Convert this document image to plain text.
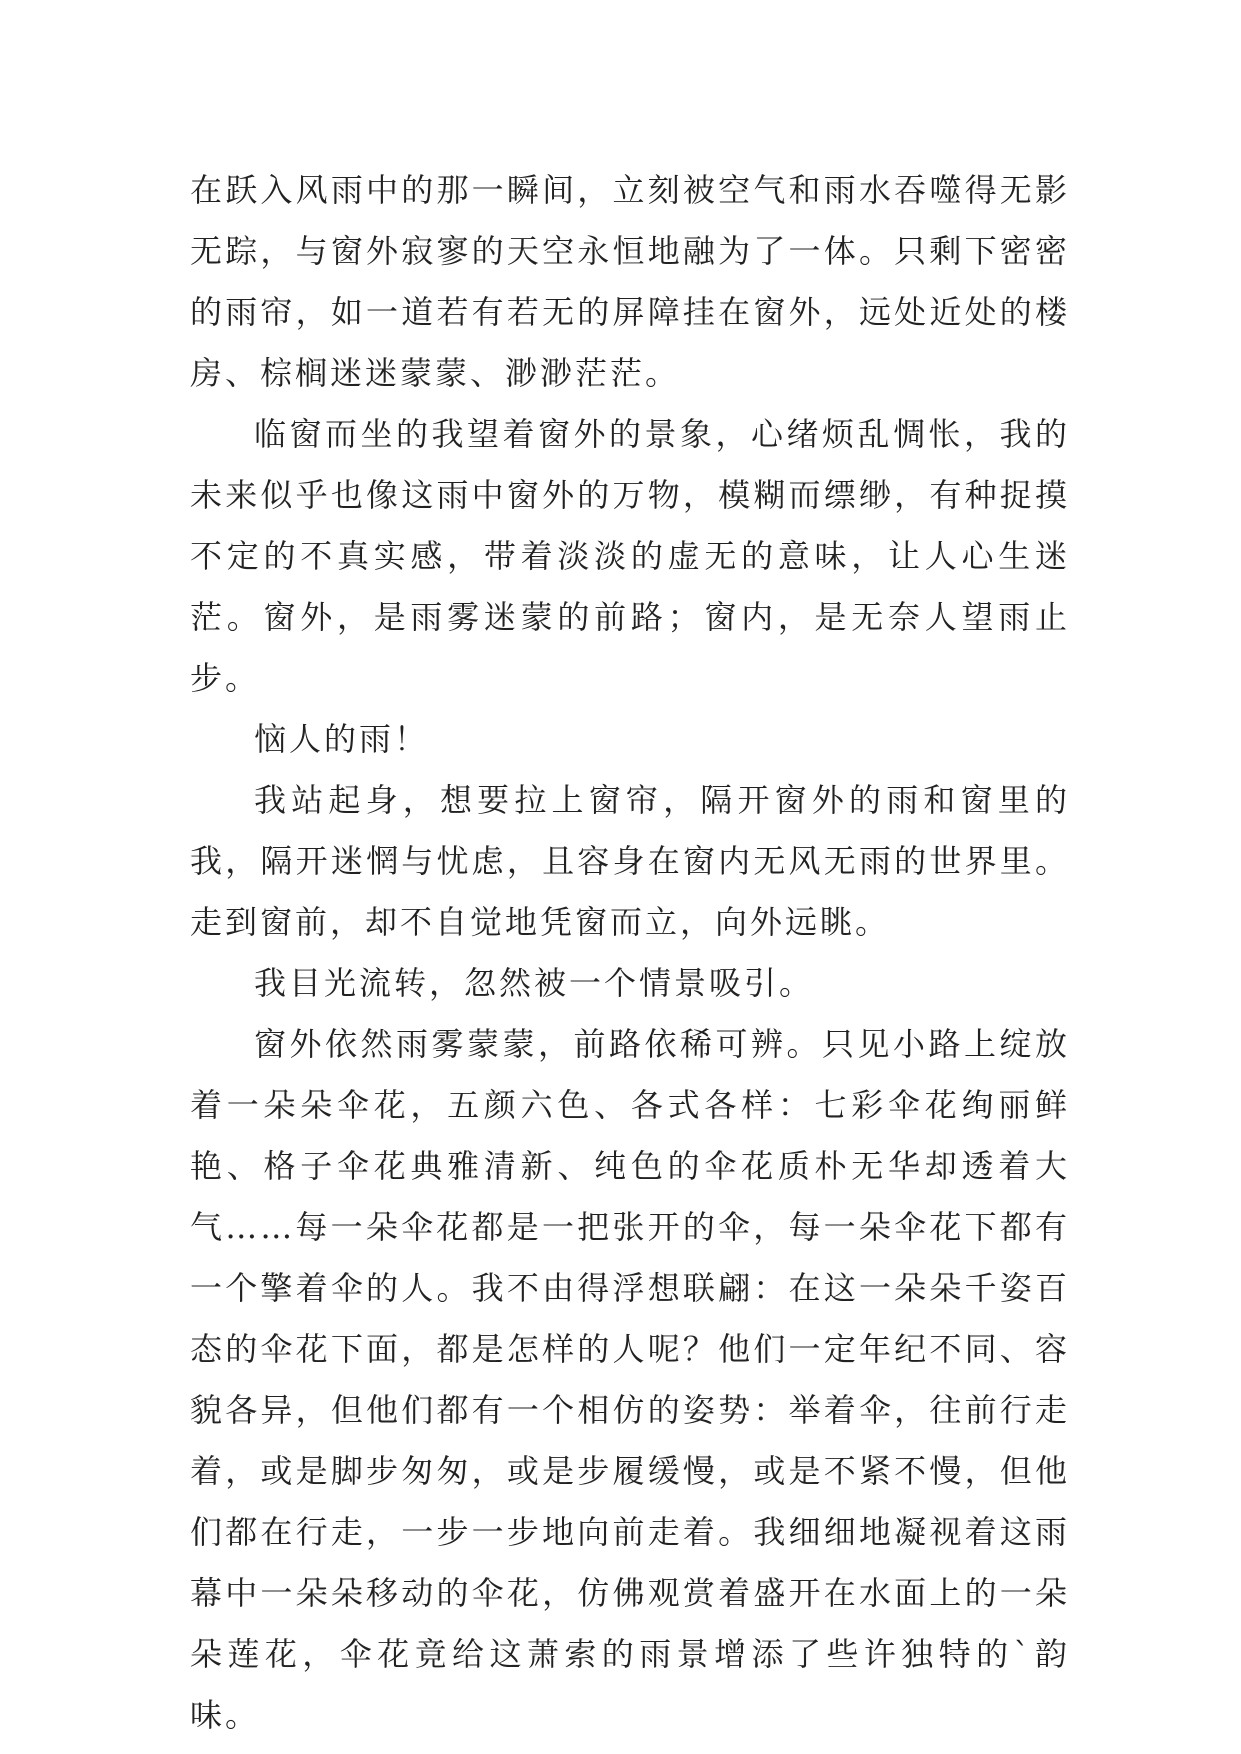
在跃入风雨中的那一瞬间，立刻被空气和雨水吞噬得无影无踪，与窗外寂寥的天空永恒地融为了一体。只剩下密密的雨帘，如一道若有若无的屏障挂在窗外，远处近处的楼房、棕榈迷迷蒙蒙、渺渺茫茫。

临窗而坐的我望着窗外的景象，心绪烦乱惆怅，我的未来似乎也像这雨中窗外的万物，模糊而缥缈，有种捉摸不定的不真实感，带着淡淡的虚无的意味，让人心生迷茫。窗外，是雨雾迷蒙的前路；窗内，是无奈人望雨止步。

恼人的雨！

我站起身，想要拉上窗帘，隔开窗外的雨和窗里的我，隔开迷惘与忧虑，且容身在窗内无风无雨的世界里。走到窗前，却不自觉地凭窗而立，向外远眺。

我目光流转，忽然被一个情景吸引。

窗外依然雨雾蒙蒙，前路依稀可辨。只见小路上绽放着一朵朵伞花，五颜六色、各式各样：七彩伞花绚丽鲜艳、格子伞花典雅清新、纯色的伞花质朴无华却透着大气……每一朵伞花都是一把张开的伞，每一朵伞花下都有一个擎着伞的人。我不由得浮想联翩：在这一朵朵千姿百态的伞花下面，都是怎样的人呢？他们一定年纪不同、容貌各异，但他们都有一个相仿的姿势：举着伞，往前行走着，或是脚步匆匆，或是步履缓慢，或是不紧不慢，但他们都在行走，一步一步地向前走着。我细细地凝视着这雨幕中一朵朵移动的伞花，仿佛观赏着盛开在水面上的一朵朵莲花，伞花竟给这萧索的雨景增添了些许独特的`韵味。
